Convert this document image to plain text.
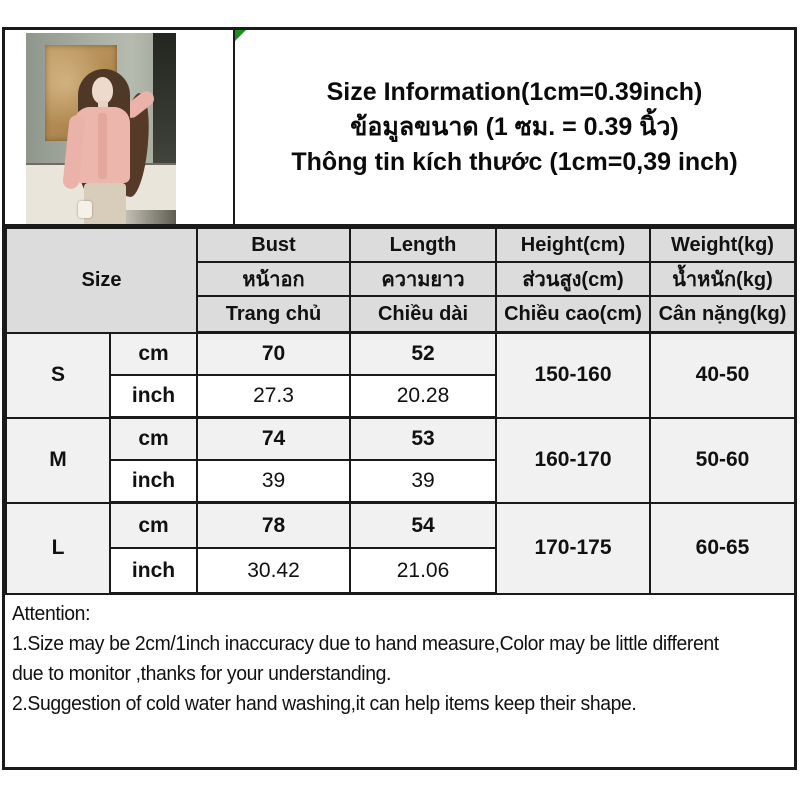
Size Information(1cm=0.39inch)
ข้อมูลขนาด (1 ซม. = 0.39 นิ้ว)
Thông tin kích thước (1cm=0,39 inch)
Size		Bust	Length	Height(cm)	Weight(kg)
		หน้าอก	ความยาว	ส่วนสูง(cm)	น้ำหนัก(kg)
		Trang chủ	Chiều dài	Chiều cao(cm)	Cân nặng(kg)
S	cm	70	52	150-160	40-50
	inch	27.3	20.28		
M	cm	74	53	160-170	50-60
	inch	39	39		
L	cm	78	54	170-175	60-65
	inch	30.42	21.06		
Attention:
1.Size may be 2cm/1inch inaccuracy due to hand measure,Color may be little different
due to monitor ,thanks for your understanding.
2.Suggestion of cold water hand washing,it can help items keep their shape.
